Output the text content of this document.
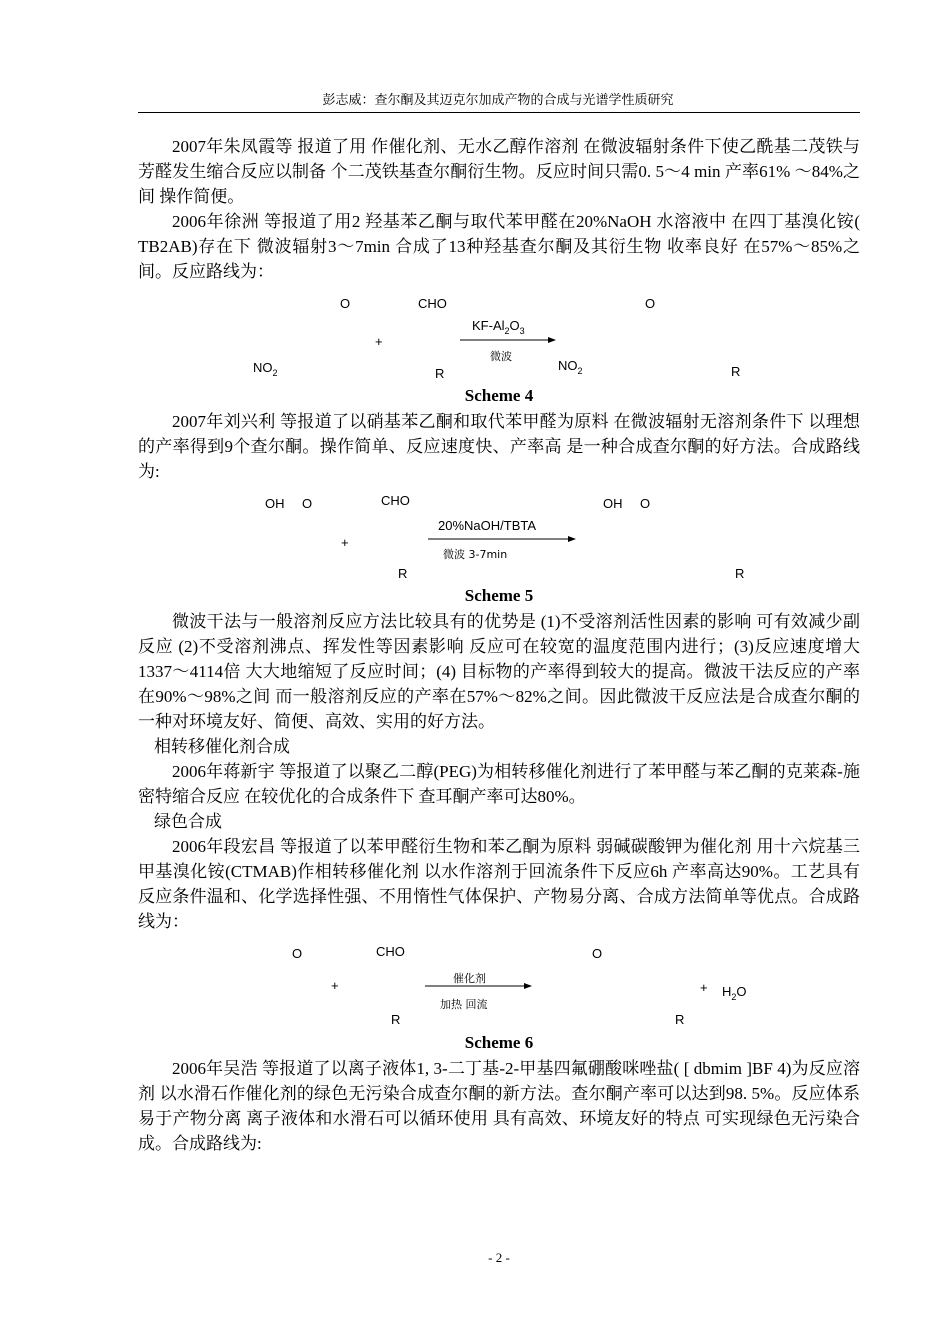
彭志威：查尔酮及其迈克尔加成产物的合成与光谱学性质研究

2007年朱凤霞等 报道了用 作催化剂、无水乙醇作溶剂 在微波辐射条件下使乙酰基二茂铁与芳醛发生缩合反应以制备 个二茂铁基查尔酮衍生物。反应时间只需0. 5～4 min 产率61% ～84%之间 操作简便。

2006年徐洲 等报道了用2 羟基苯乙酮与取代苯甲醛在20%NaOH 水溶液中 在四丁基溴化铵( TB2AB)存在下 微波辐射3～7min 合成了13种羟基查尔酮及其衍生物 收率良好 在57%～85%之间。反应路线为：

O
$NO_2$
+
CHO
R
$KF-Al_2O_3$
微波
O
$NO_2$	R
Scheme 4

2007年刘兴利 等报道了以硝基苯乙酮和取代苯甲醛为原料 在微波辐射无溶剂条件下 以理想的产率得到9个查尔酮。操作简单、反应速度快、产率高 是一种合成查尔酮的好方法。合成路线为:

OH O
+
CHO
R
20%NaOH/TBTA
微波 3-7min
OH O
R
Scheme 5

微波干法与一般溶剂反应方法比较具有的优势是 (1)不受溶剂活性因素的影响 可有效减少副反应 (2)不受溶剂沸点、挥发性等因素影响 反应可在较宽的温度范围内进行；(3)反应速度增大1337～4114倍 大大地缩短了反应时间；(4) 目标物的产率得到较大的提高。微波干法反应的产率在90%～98%之间 而一般溶剂反应的产率在57%～82%之间。因此微波干反应法是合成查尔酮的一种对环境友好、简便、高效、实用的好方法。

相转移催化剂合成

2006年蒋新宇 等报道了以聚乙二醇(PEG)为相转移催化剂进行了苯甲醛与苯乙酮的克莱森-施密特缩合反应 在较优化的合成条件下 查耳酮产率可达80%。

绿色合成

2006年段宏昌 等报道了以苯甲醛衍生物和苯乙酮为原料 弱碱碳酸钾为催化剂 用十六烷基三甲基溴化铵(CTMAB)作相转移催化剂 以水作溶剂于回流条件下反应6h 产率高达90%。工艺具有反应条件温和、化学选择性强、不用惰性气体保护、产物易分离、合成方法简单等优点。合成路线为：

O
+
CHO
R
催化剂
加热 回流
O
R
+ $H_2O$
Scheme 6

2006年吴浩 等报道了以离子液体1, 3-二丁基-2-甲基四氟硼酸咪唑盐( [ dbmim ]BF 4)为反应溶剂 以水滑石作催化剂的绿色无污染合成查尔酮的新方法。查尔酮产率可以达到98. 5%。反应体系易于产物分离 离子液体和水滑石可以循环使用 具有高效、环境友好的特点 可实现绿色无污染合成。合成路线为:

- 2 -
